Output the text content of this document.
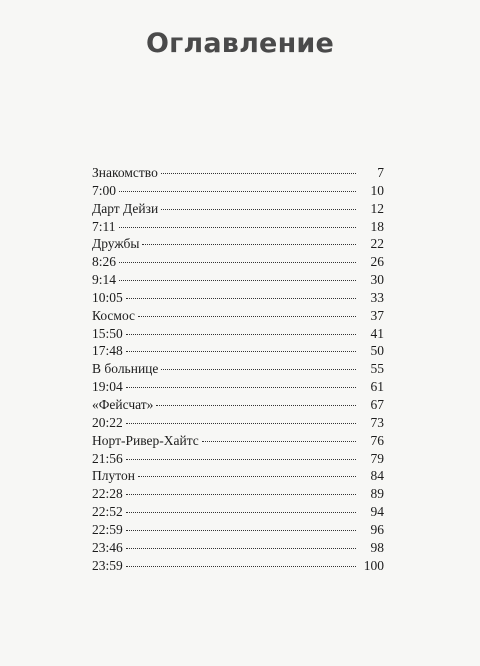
Оглавление
Знакомство	7
7:00	10
Дарт Дейзи	12
7:11	18
Дружбы	22
8:26	26
9:14	30
10:05	33
Космос	37
15:50	41
17:48	50
В больнице	55
19:04	61
«Фейсчат»	67
20:22	73
Норт-Ривер-Хайтс	76
21:56	79
Плутон	84
22:28	89
22:52	94
22:59	96
23:46	98
23:59	100
